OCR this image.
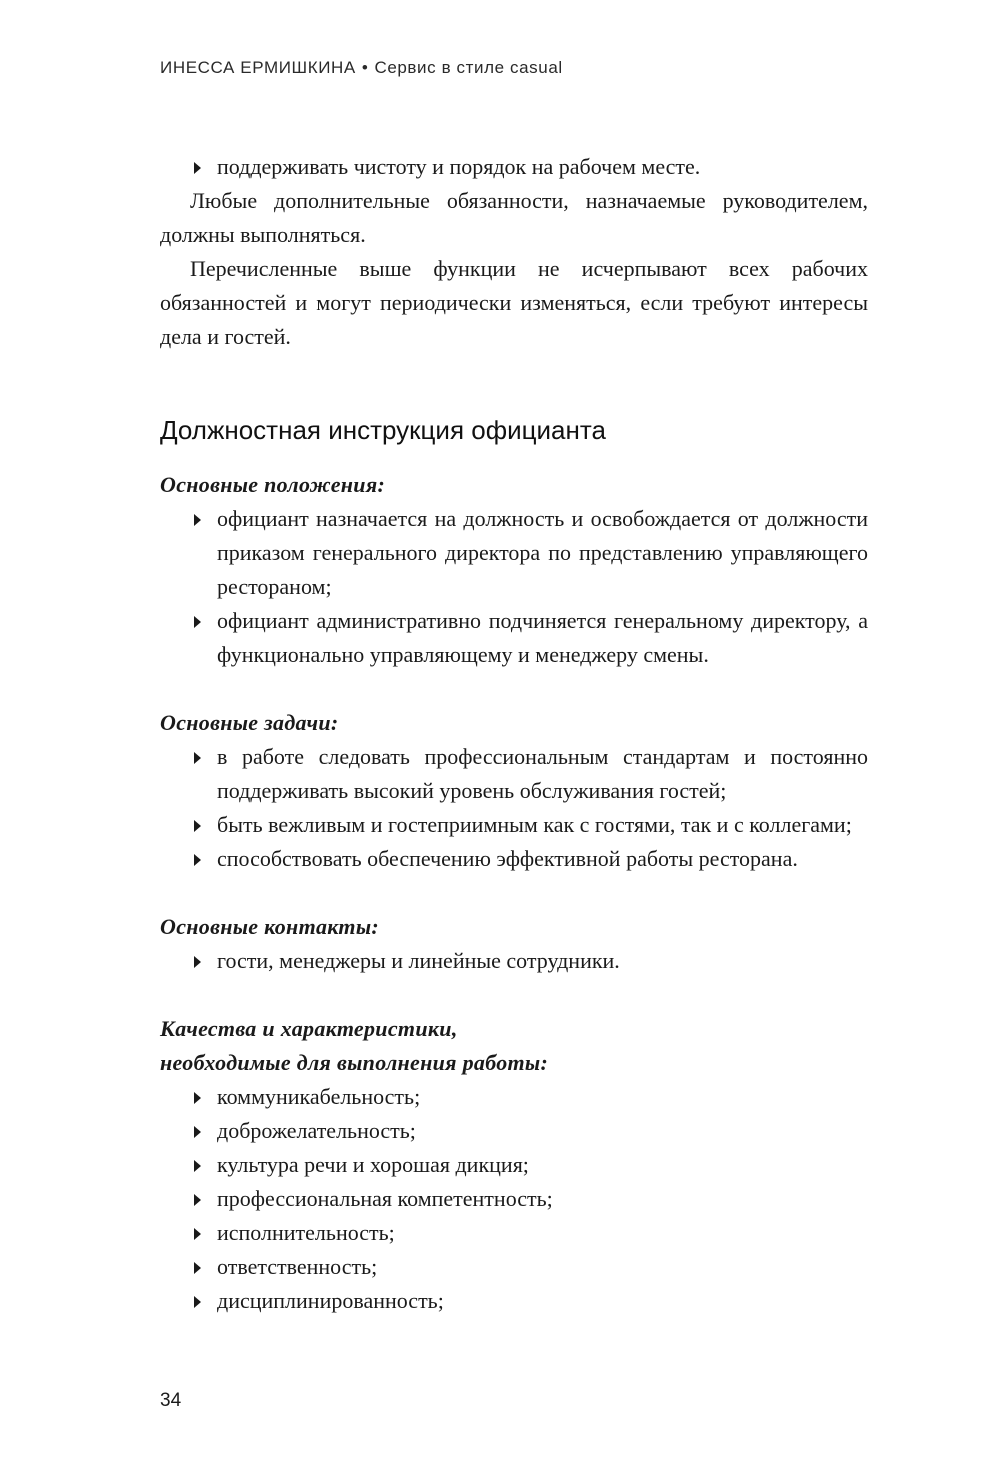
ИНЕССА ЕРМИШКИНА • Сервис в стиле casual
поддерживать чистоту и порядок на рабочем месте.

Любые дополнительные обязанности, назначаемые руководителем, должны выполняться.

Перечисленные выше функции не исчерпывают всех рабочих обязанностей и могут периодически изменяться, если требуют интересы дела и гостей.

Должностная инструкция официанта

Основные положения:

официант назначается на должность и освобождается от должности приказом генерального директора по представлению управляющего рестораном;
официант административно подчиняется генеральному директору, а функционально управляющему и менеджеру смены.

Основные задачи:

в работе следовать профессиональным стандартам и постоянно поддерживать высокий уровень обслуживания гостей;
быть вежливым и гостеприимным как с гостями, так и с коллегами;
способствовать обеспечению эффективной работы ресторана.

Основные контакты:

гости, менеджеры и линейные сотрудники.

Качества и характеристики,

необходимые для выполнения работы:

коммуникабельность;
доброжелательность;
культура речи и хорошая дикция;
профессиональная компетентность;
исполнительность;
ответственность;
дисциплинированность;
34
